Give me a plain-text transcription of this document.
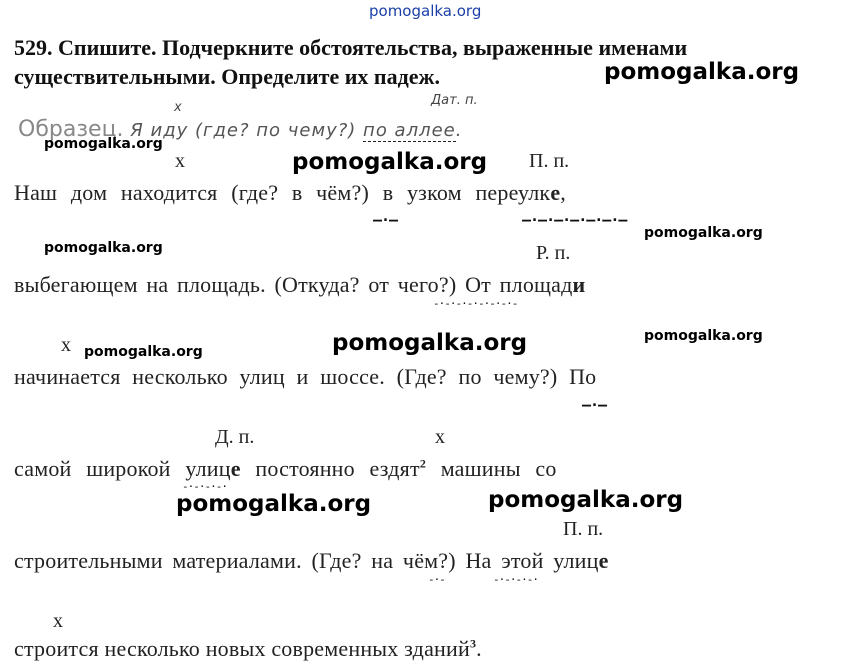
pomogalka.org
529. Спишите. Подчеркните обстоятельства, выраженные именами
существительными. Определите их падеж.	pomogalka.org
х	Дат. п.
Образец. Я иду (где? по чему?) по аллее.
pomogalka.org
х	pomogalka.org П. п.
Наш дом находится (где? в чём?) в узком переулке,
–·–	–·–·–·–·–·–·–
pomogalka.org	Р. п.
pomogalka.org
выбегающем на площадь. (Откуда? от чего?) От площади
-·-·-·-·-·-·-·-
х pomogalka.org	pomogalka.org	pomogalka.org
начинается несколько улиц и шоссе. (Где? по чему?) По
–·–
Д. п.	х
самой широкой улице постоянно ездят$^2$ машины со
-·-·-·-·
pomogalka.org	pomogalka.org
П. п.
строительными материалами. (Где? на чём?) На этой улице
-·-	-·-·-·-·
х
строится несколько новых современных зданий$^3$.
